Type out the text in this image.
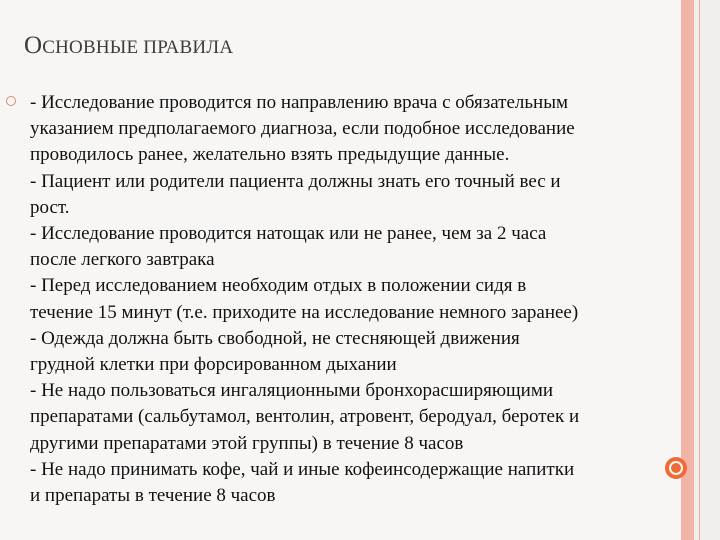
ОСНОВНЫЕ ПРАВИЛА
- Исследование проводится по направлению врача с обязательным
указанием предполагаемого диагноза, если подобное исследование
проводилось ранее, желательно взять предыдущие данные.
- Пациент или родители пациента должны знать его точный вес и
рост.
- Исследование проводится натощак или не ранее, чем за 2 часа
после легкого завтрака
- Перед исследованием необходим отдых в положении сидя в
течение 15 минут (т.е. приходите на исследование немного заранее)
- Одежда должна быть свободной, не стесняющей движения
грудной клетки при форсированном дыхании
- Не надо пользоваться ингаляционными бронхорасширяющими
препаратами (сальбутамол, вентолин, атровент, беродуал, беротек и
другими препаратами этой группы) в течение 8 часов
- Не надо принимать кофе, чай и иные кофеинсодержащие напитки
и препараты в течение 8 часов
